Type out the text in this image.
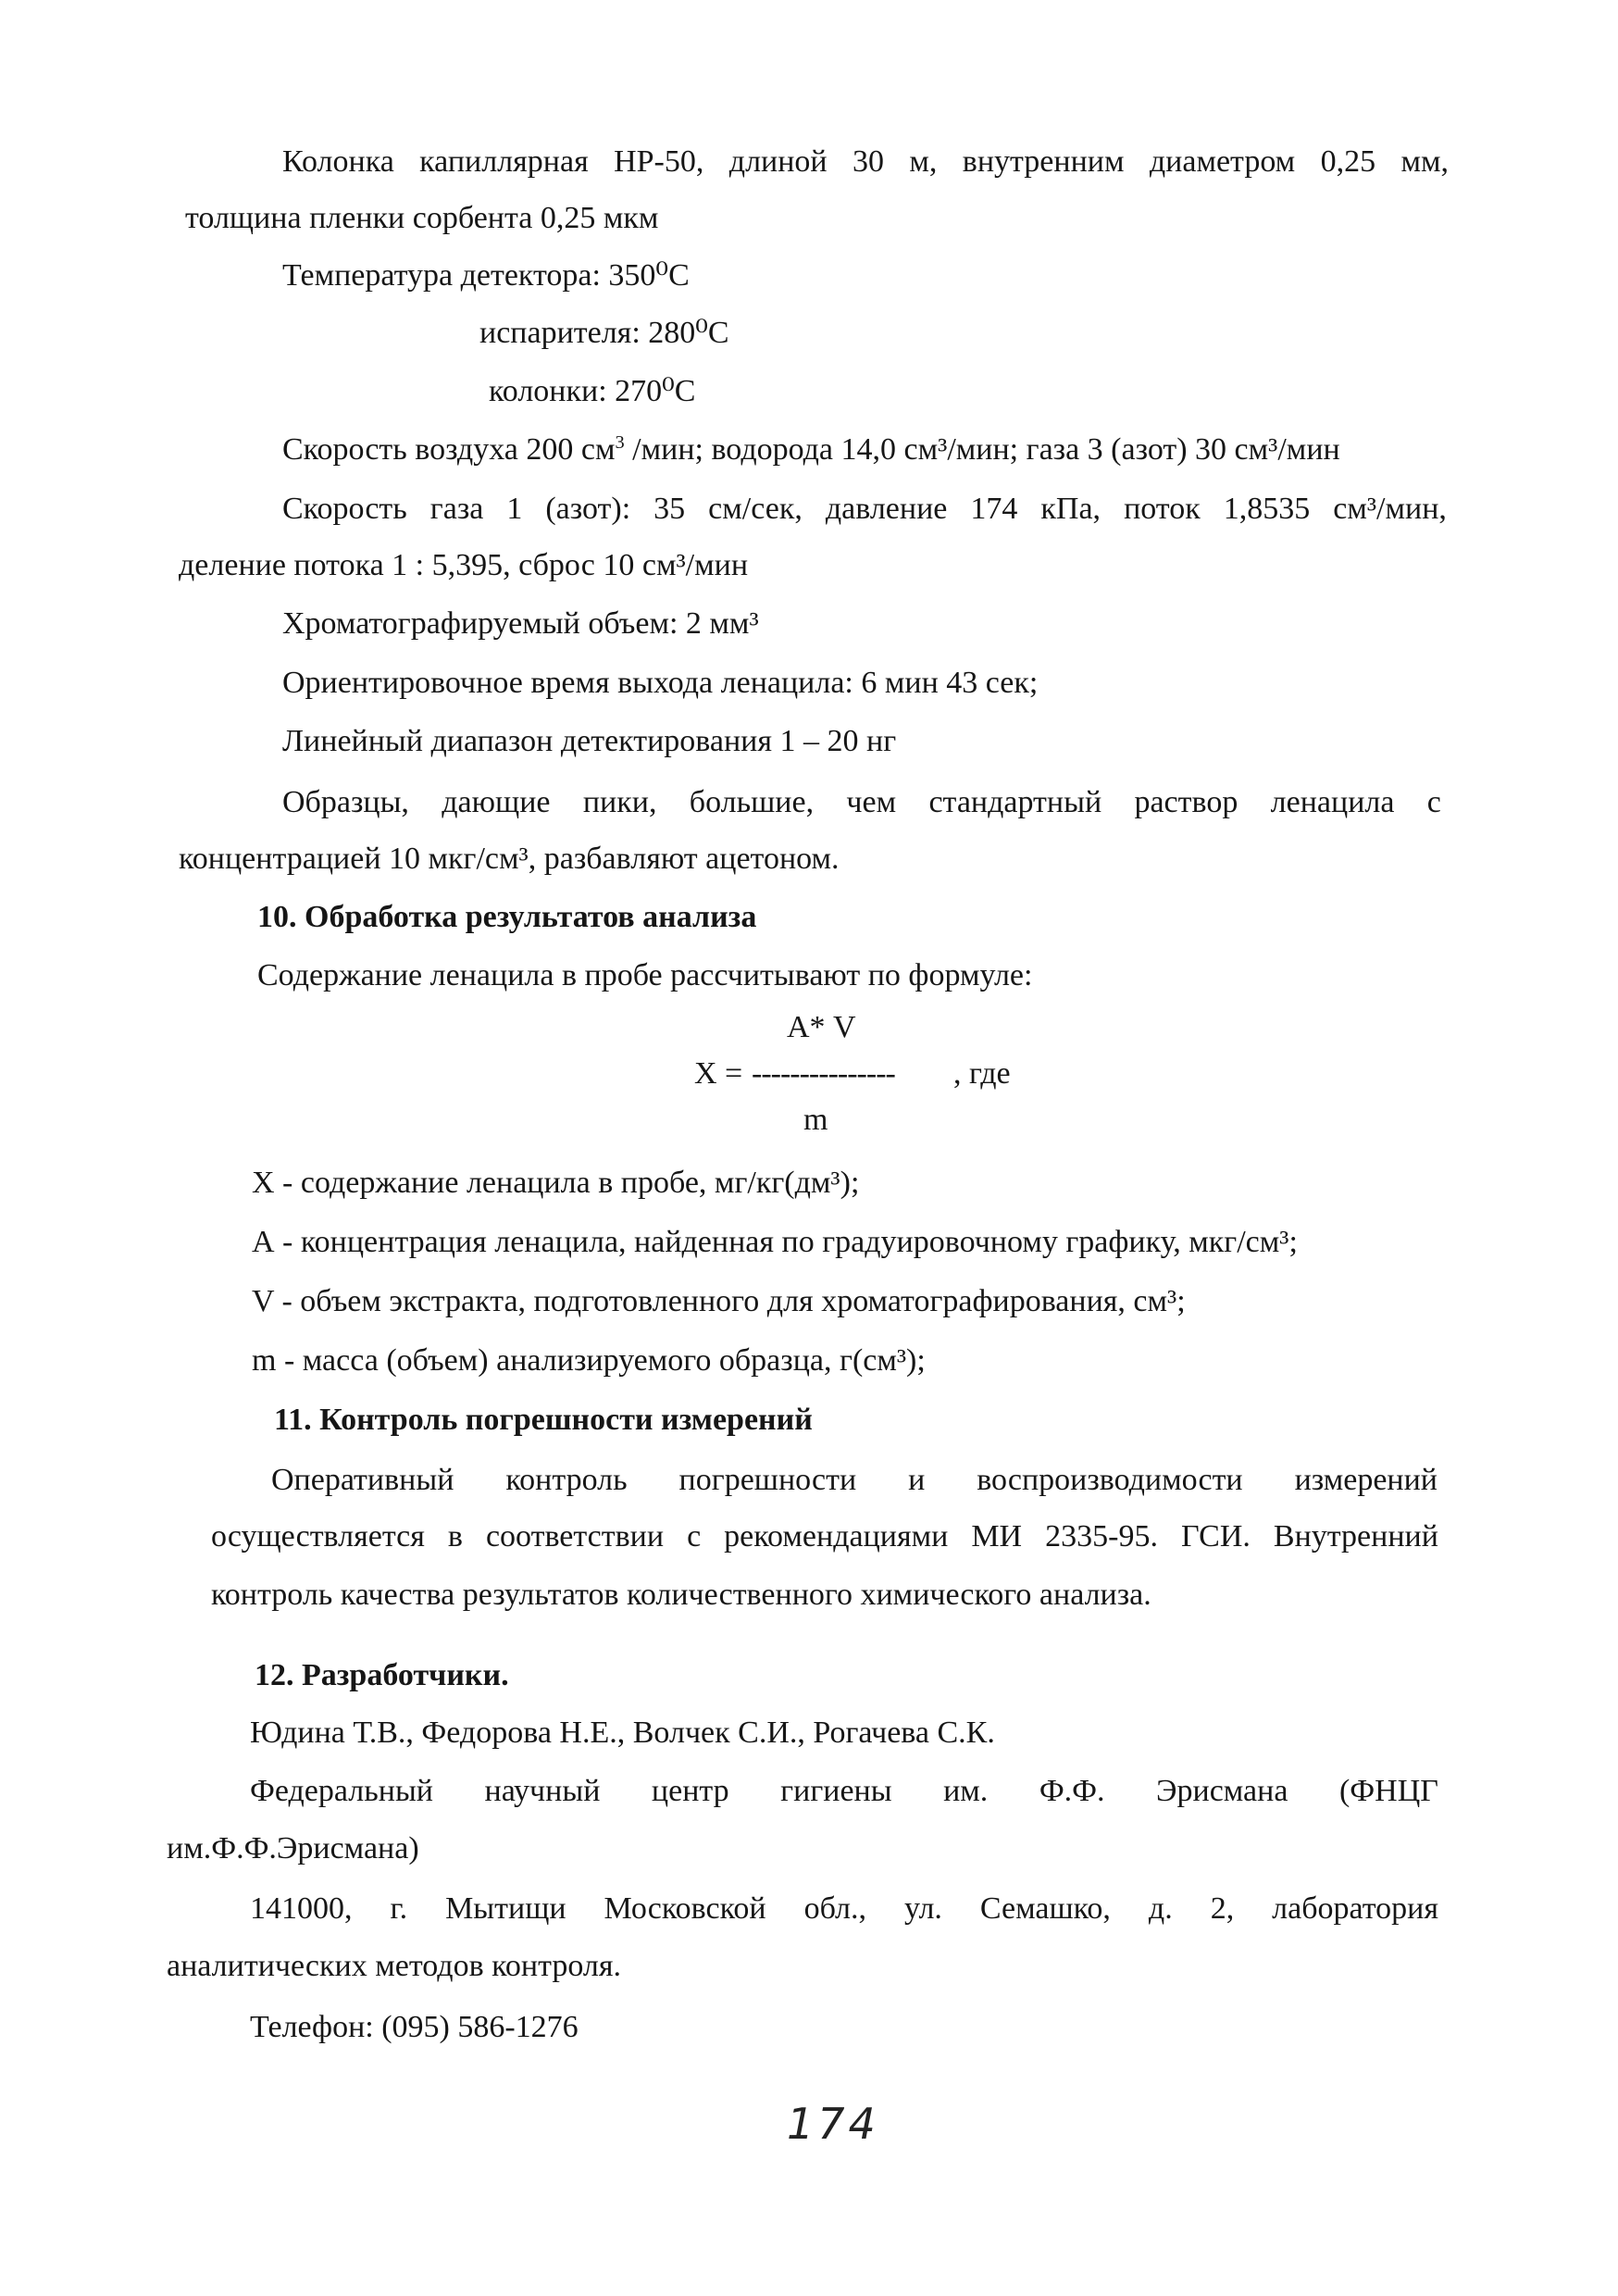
Колонка капиллярная НР-50, длиной 30 м, внутренним диаметром 0,25 мм,
толщина пленки сорбента 0,25 мкм
Температура детектора: 350⁰С
испарителя: 280⁰С
колонки: 270⁰С
Скорость воздуха 200 $см^3$ /мин; водорода 14,0 см³/мин; газа 3 (азот) 30 см³/мин
Скорость газа 1 (азот): 35 см/сек, давление 174 кПа, поток 1,8535 см³/мин,
деление потока 1 : 5,395, сброс 10 см³/мин
Хроматографируемый объем: 2 мм³
Ориентировочное время выхода ленацила: 6 мин 43 сек;
Линейный диапазон детектирования 1 – 20 нг
Образцы, дающие пики, большие, чем стандартный раствор ленацила с
концентрацией 10 мкг/см³, разбавляют ацетоном.
10. Обработка результатов анализа
Содержание ленацила в пробе рассчитывают по формуле:
А* V
Х = --------------- , где
m
Х - содержание ленацила в пробе, мг/кг(дм³);
А - концентрация ленацила, найденная по градуировочному графику, мкг/см³;
V - объем экстракта, подготовленного для хроматографирования, см³;
m - масса (объем) анализируемого образца, г(см³);
11. Контроль погрешности измерений
Оперативный контроль погрешности и воспроизводимости измерений
осуществляется в соответствии с рекомендациями МИ 2335-95. ГСИ. Внутренний
контроль качества результатов количественного химического анализа.
12. Разработчики.
Юдина Т.В., Федорова Н.Е., Волчек С.И., Рогачева С.К.
Федеральный научный центр гигиены им. Ф.Ф. Эрисмана (ФНЦГ
им.Ф.Ф.Эрисмана)
141000, г. Мытищи Московской обл., ул. Семашко, д. 2, лаборатория
аналитических методов контроля.
Телефон: (095) 586-1276
174
